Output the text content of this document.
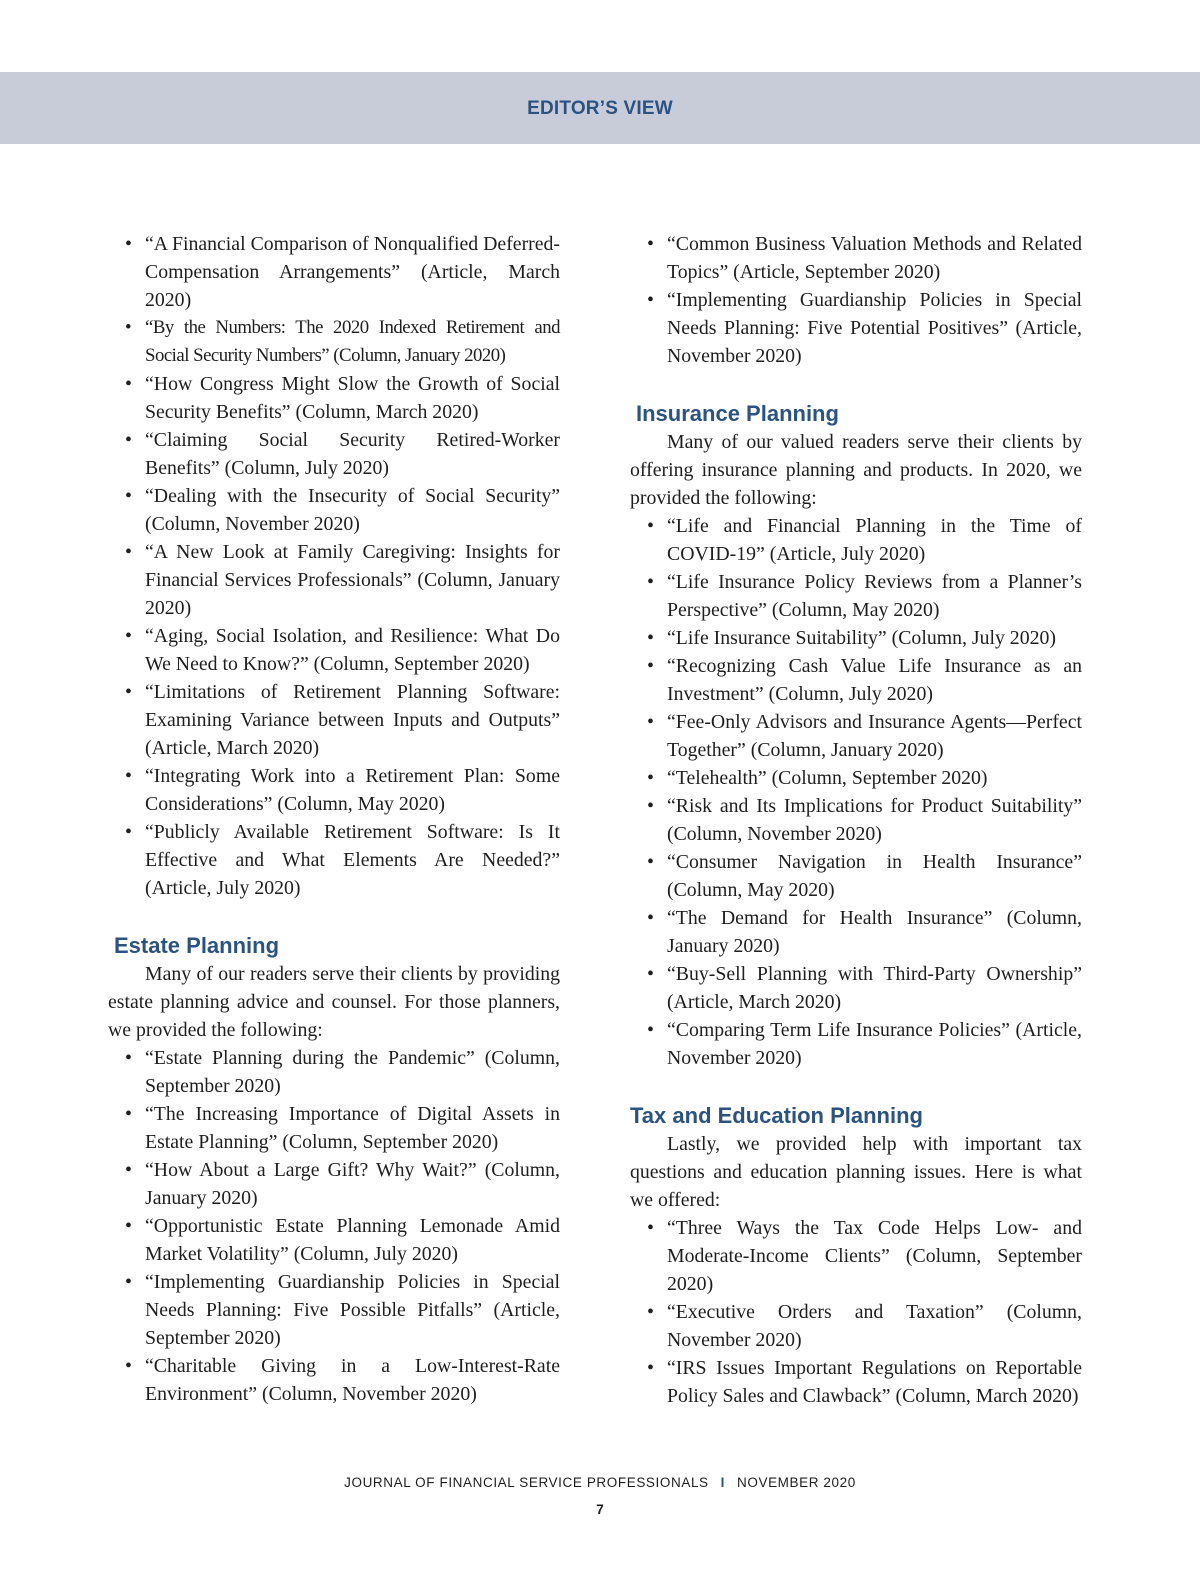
EDITOR’S VIEW
• “A Financial Comparison of Nonqualified Deferred-Compensation Arrangements” (Article, March 2020)
• “By the Numbers: The 2020 Indexed Retirement and Social Security Numbers” (Column, January 2020)
• “How Congress Might Slow the Growth of Social Security Benefits” (Column, March 2020)
• “Claiming Social Security Retired-Worker Benefits” (Column, July 2020)
• “Dealing with the Insecurity of Social Security” (Column, November 2020)
• “A New Look at Family Caregiving: Insights for Financial Services Professionals” (Column, January 2020)
• “Aging, Social Isolation, and Resilience: What Do We Need to Know?” (Column, September 2020)
• “Limitations of Retirement Planning Software: Examining Variance between Inputs and Outputs” (Article, March 2020)
• “Integrating Work into a Retirement Plan: Some Considerations” (Column, May 2020)
• “Publicly Available Retirement Software: Is It Effective and What Elements Are Needed?” (Article, July 2020)
Estate Planning

Many of our readers serve their clients by providing estate planning advice and counsel. For those planners, we provided the following:

• “Estate Planning during the Pandemic” (Column, September 2020)
• “The Increasing Importance of Digital Assets in Estate Planning” (Column, September 2020)
• “How About a Large Gift? Why Wait?” (Column, January 2020)
• “Opportunistic Estate Planning Lemonade Amid Market Volatility” (Column, July 2020)
• “Implementing Guardianship Policies in Special Needs Planning: Five Possible Pitfalls” (Article, September 2020)
• “Charitable Giving in a Low-Interest-Rate Environment” (Column, November 2020)
• “Common Business Valuation Methods and Related Topics” (Article, September 2020)
• “Implementing Guardianship Policies in Special Needs Planning: Five Potential Positives” (Article, November 2020)
Insurance Planning

Many of our valued readers serve their clients by offering insurance planning and products. In 2020, we provided the following:

• “Life and Financial Planning in the Time of COVID-19” (Article, July 2020)
• “Life Insurance Policy Reviews from a Planner’s Perspective” (Column, May 2020)
• “Life Insurance Suitability” (Column, July 2020)
• “Recognizing Cash Value Life Insurance as an Investment” (Column, July 2020)
• “Fee-Only Advisors and Insurance Agents—Perfect Together” (Column, January 2020)
• “Telehealth” (Column, September 2020)
• “Risk and Its Implications for Product Suitability” (Column, November 2020)
• “Consumer Navigation in Health Insurance” (Column, May 2020)
• “The Demand for Health Insurance” (Column, January 2020)
• “Buy-Sell Planning with Third-Party Ownership” (Article, March 2020)
• “Comparing Term Life Insurance Policies” (Article, November 2020)
Tax and Education Planning

Lastly, we provided help with important tax questions and education planning issues. Here is what we offered:

• “Three Ways the Tax Code Helps Low- and Moderate-Income Clients” (Column, September 2020)
• “Executive Orders and Taxation” (Column, November 2020)
• “IRS Issues Important Regulations on Reportable Policy Sales and Clawback” (Column, March 2020)
JOURNAL OF FINANCIAL SERVICE PROFESSIONALS I NOVEMBER 2020
7
